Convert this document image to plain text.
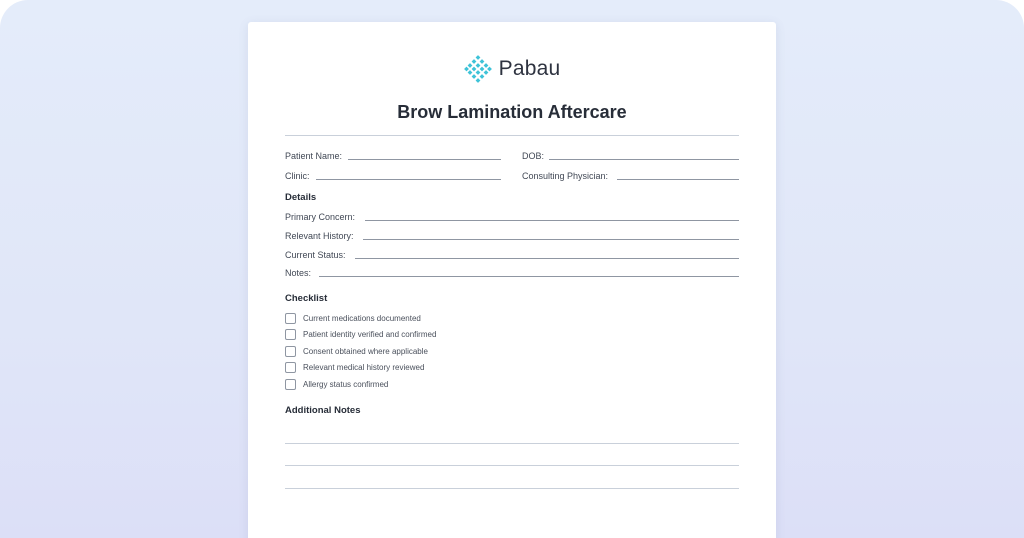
Pabau
Brow Lamination Aftercare
Patient Name:	DOB:
Clinic:	Consulting Physician:
Details
Primary Concern:
Relevant History:
Current Status:
Notes:
Checklist
Current medications documented
Patient identity verified and confirmed
Consent obtained where applicable
Relevant medical history reviewed
Allergy status confirmed
Additional Notes
